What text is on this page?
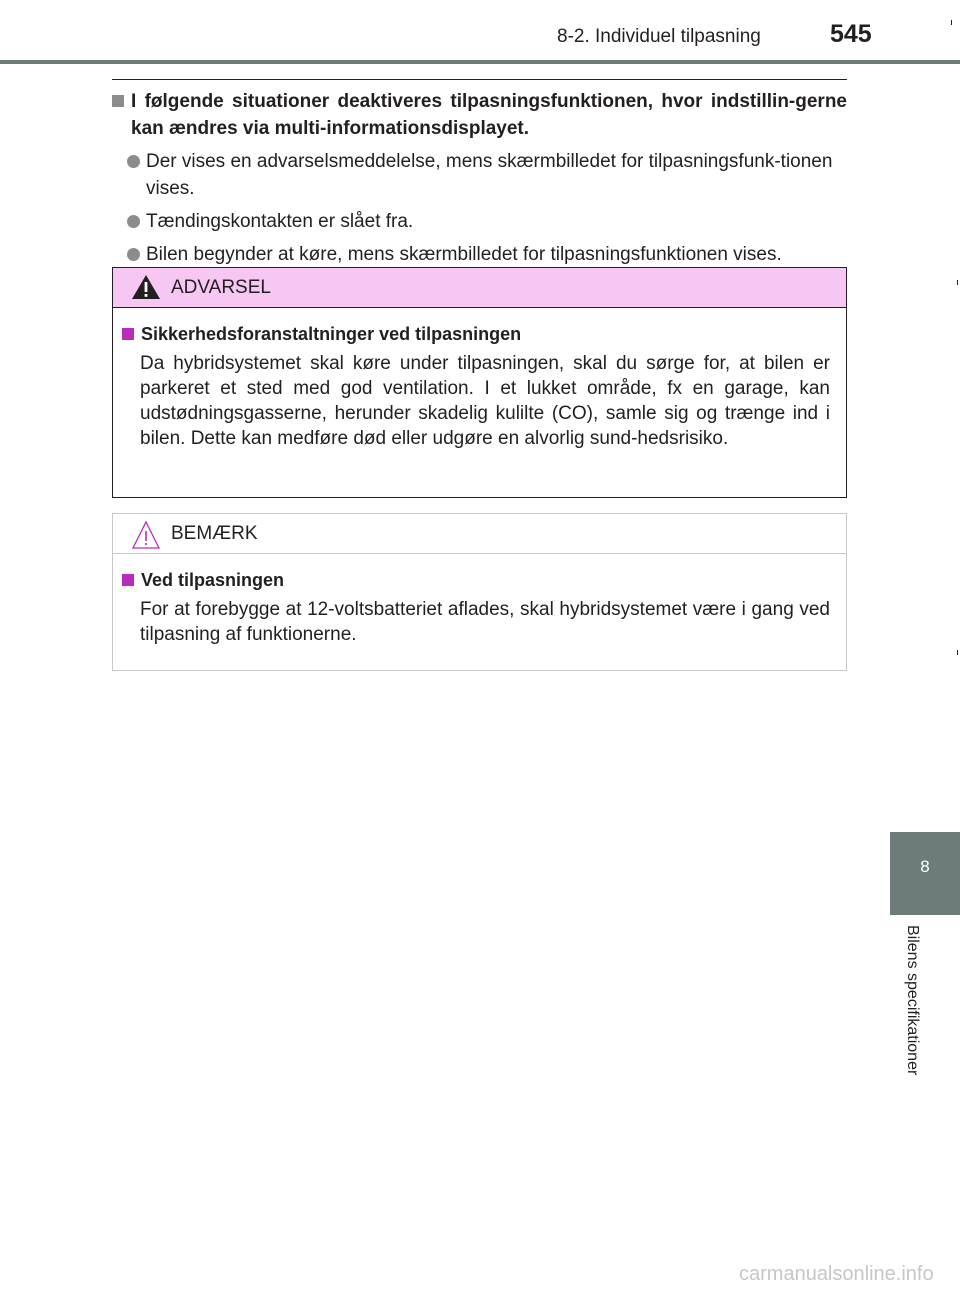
8-2. Individuel tilpasning	545
I følgende situationer deaktiveres tilpasningsfunktionen, hvor indstillin-gerne kan ændres via multi-informationsdisplayet.
Der vises en advarselsmeddelelse, mens skærmbilledet for tilpasningsfunk-tionen vises.
Tændingskontakten er slået fra.
Bilen begynder at køre, mens skærmbilledet for tilpasningsfunktionen vises.
ADVARSEL
Sikkerhedsforanstaltninger ved tilpasningen
Da hybridsystemet skal køre under tilpasningen, skal du sørge for, at bilen er parkeret et sted med god ventilation. I et lukket område, fx en garage, kan udstødningsgasserne, herunder skadelig kulilte (CO), samle sig og trænge ind i bilen. Dette kan medføre død eller udgøre en alvorlig sund-hedsrisiko.
BEMÆRK
Ved tilpasningen
For at forebygge at 12-voltsbatteriet aflades, skal hybridsystemet være i gang ved tilpasning af funktionerne.
8
Bilens specifikationer
carmanualsonline.info
